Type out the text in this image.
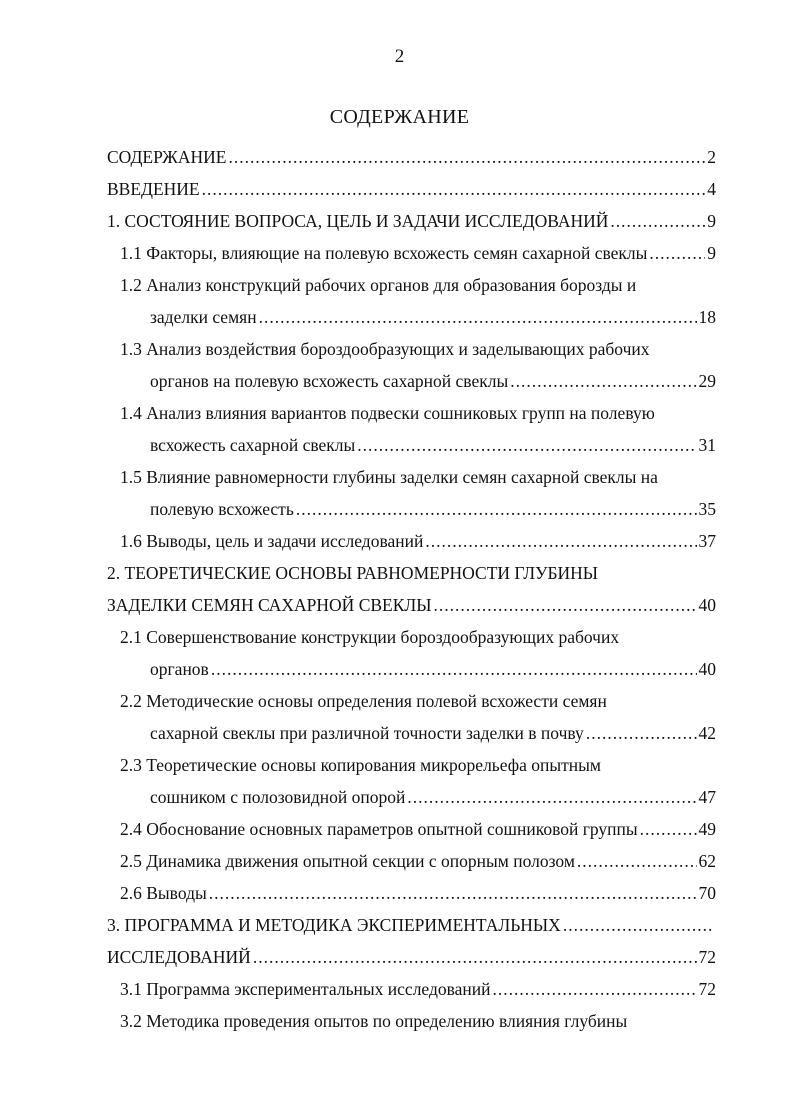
2
СОДЕРЖАНИЕ
СОДЕРЖАНИЕ .....	2
ВВЕДЕНИЕ .....	4
1. СОСТОЯНИЕ ВОПРОСА, ЦЕЛЬ И ЗАДАЧИ ИССЛЕДОВАНИЙ .....	9
1.1 Факторы, влияющие на полевую всхожесть семян сахарной свеклы .....	9
1.2 Анализ конструкций рабочих органов для образования борозды и
заделки семян .....	18
1.3 Анализ воздействия бороздообразующих и заделывающих рабочих
органов на полевую всхожесть сахарной свеклы .....	29
1.4 Анализ влияния вариантов подвески сошниковых групп на полевую
всхожесть сахарной свеклы .....	31
1.5 Влияние равномерности глубины заделки семян сахарной свеклы на
полевую всхожесть .....	35
1.6 Выводы, цель и задачи исследований .....	37
2. ТЕОРЕТИЧЕСКИЕ ОСНОВЫ РАВНОМЕРНОСТИ ГЛУБИНЫ
ЗАДЕЛКИ СЕМЯН САХАРНОЙ СВЕКЛЫ .....	40
2.1 Совершенствование конструкции бороздообразующих рабочих
органов .....	40
2.2 Методические основы определения полевой всхожести семян
сахарной свеклы при различной точности заделки в почву .....	42
2.3 Теоретические основы копирования микрорельефа опытным
сошником с полозовидной опорой .....	47
2.4 Обоснование основных параметров опытной сошниковой группы .....	49
2.5 Динамика движения опытной секции с опорным полозом .....	62
2.6 Выводы .....	70
3. ПРОГРАММА И МЕТОДИКА ЭКСПЕРИМЕНТАЛЬНЫХ
.....
ИССЛЕДОВАНИЙ .....	72
3.1 Программа экспериментальных исследований .....	72
3.2 Методика проведения опытов по определению влияния глубины
